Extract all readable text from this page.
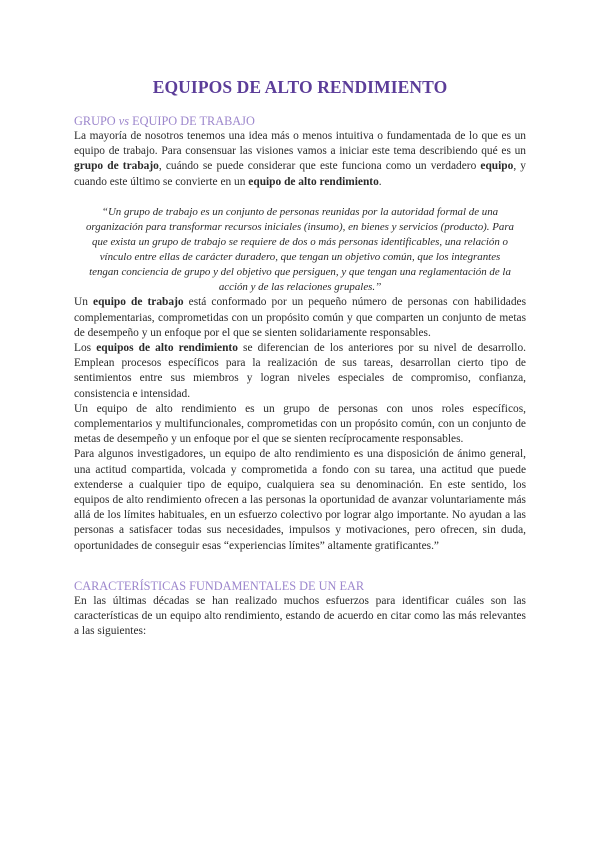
EQUIPOS DE ALTO RENDIMIENTO
GRUPO vs EQUIPO DE TRABAJO

La mayoría de nosotros tenemos una idea más o menos intuitiva o fundamentada de lo que es un equipo de trabajo. Para consensuar las visiones vamos a iniciar este tema describiendo qué es un grupo de trabajo, cuándo se puede considerar que este funciona como un verdadero equipo, y cuando este último se convierte en un equipo de alto rendimiento.

“Un grupo de trabajo es un conjunto de personas reunidas por la autoridad formal de una organización para transformar recursos iniciales (insumo), en bienes y servicios (producto). Para que exista un grupo de trabajo se requiere de dos o más personas identificables, una relación o vínculo entre ellas de carácter duradero, que tengan un objetivo común, que los integrantes tengan conciencia de grupo y del objetivo que persiguen, y que tengan una reglamentación de la acción y de las relaciones grupales.’’

Un equipo de trabajo está conformado por un pequeño número de personas con habilidades complementarias, comprometidas con un propósito común y que comparten un conjunto de metas de desempeño y un enfoque por el que se sienten solidariamente responsables.

Los equipos de alto rendimiento se diferencian de los anteriores por su nivel de desarrollo. Emplean procesos específicos para la realización de sus tareas, desarrollan cierto tipo de sentimientos entre sus miembros y logran niveles especiales de compromiso, confianza, consistencia e intensidad.

Un equipo de alto rendimiento es un grupo de personas con unos roles específicos, complementarios y multifuncionales, comprometidas con un propósito común, con un conjunto de metas de desempeño y un enfoque por el que se sienten recíprocamente responsables.

Para algunos investigadores, un equipo de alto rendimiento es una disposición de ánimo general, una actitud compartida, volcada y comprometida a fondo con su tarea, una actitud que puede extenderse a cualquier tipo de equipo, cualquiera sea su denominación. En este sentido, los equipos de alto rendimiento ofrecen a las personas la oportunidad de avanzar voluntariamente más allá de los límites habituales, en un esfuerzo colectivo por lograr algo importante. No ayudan a las personas a satisfacer todas sus necesidades, impulsos y motivaciones, pero ofrecen, sin duda, oportunidades de conseguir esas “experiencias límites” altamente gratificantes.”

CARACTERÍSTICAS FUNDAMENTALES DE UN EAR

En las últimas décadas se han realizado muchos esfuerzos para identificar cuáles son las características de un equipo alto rendimiento, estando de acuerdo en citar como las más relevantes a las siguientes:
